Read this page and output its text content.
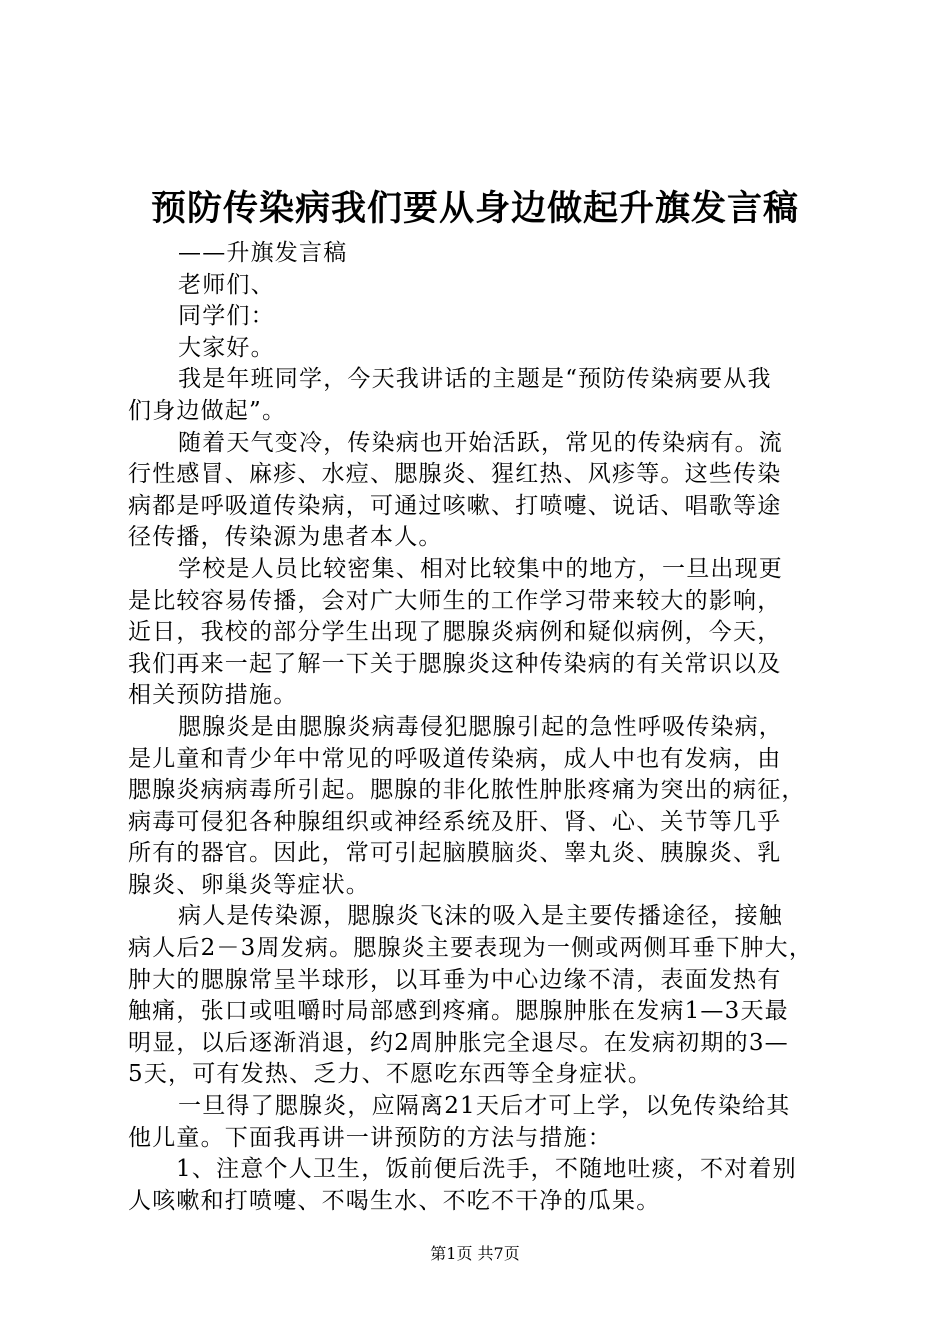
预防传染病我们要从身边做起升旗发言稿

——升旗发言稿

老师们、

同学们：

大家好。

我是年班同学，今天我讲话的主题是“预防传染病要从我

们身边做起”。

随着天气变冷，传染病也开始活跃，常见的传染病有。流

行性感冒、麻疹、水痘、腮腺炎、猩红热、风疹等。这些传染

病都是呼吸道传染病，可通过咳嗽、打喷嚏、说话、唱歌等途

径传播，传染源为患者本人。

学校是人员比较密集、相对比较集中的地方，一旦出现更

是比较容易传播，会对广大师生的工作学习带来较大的影响，

近日，我校的部分学生出现了腮腺炎病例和疑似病例，今天，

我们再来一起了解一下关于腮腺炎这种传染病的有关常识以及

相关预防措施。

腮腺炎是由腮腺炎病毒侵犯腮腺引起的急性呼吸传染病，

是儿童和青少年中常见的呼吸道传染病，成人中也有发病，由

腮腺炎病病毒所引起。腮腺的非化脓性肿胀疼痛为突出的病征，

病毒可侵犯各种腺组织或神经系统及肝、肾、心、关节等几乎

所有的器官。因此，常可引起脑膜脑炎、睾丸炎、胰腺炎、乳

腺炎、卵巢炎等症状。

病人是传染源，腮腺炎飞沫的吸入是主要传播途径，接触

病人后2－3周发病。腮腺炎主要表现为一侧或两侧耳垂下肿大，

肿大的腮腺常呈半球形，以耳垂为中心边缘不清，表面发热有

触痛，张口或咀嚼时局部感到疼痛。腮腺肿胀在发病1—3天最

明显，以后逐渐消退，约2周肿胀完全退尽。在发病初期的3—

5天，可有发热、乏力、不愿吃东西等全身症状。

一旦得了腮腺炎，应隔离21天后才可上学，以免传染给其

他儿童。下面我再讲一讲预防的方法与措施：

1、注意个人卫生，饭前便后洗手，不随地吐痰，不对着别

人咳嗽和打喷嚏、不喝生水、不吃不干净的瓜果。

第1页 共7页
